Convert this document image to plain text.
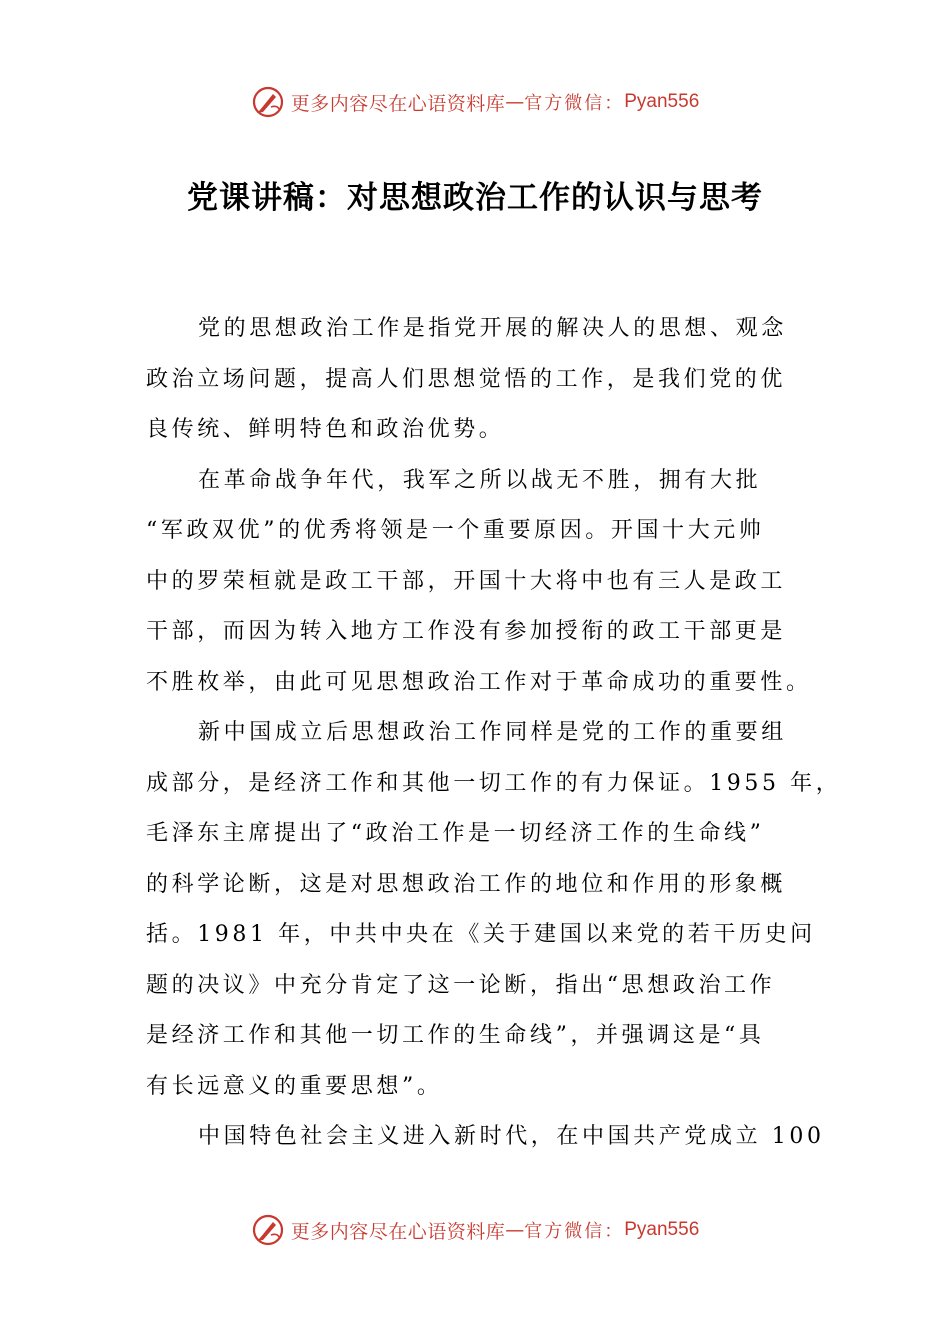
更多内容尽在心语资料库 — 官方微信： Pyan556
党课讲稿：对思想政治工作的认识与思考

党的思想政治工作是指党开展的解决人的思想、观念
政治立场问题，提高人们思想觉悟的工作，是我们党的优
良传统、鲜明特色和政治优势。

在革命战争年代，我军之所以战无不胜，拥有大批
“军政双优”的优秀将领是一个重要原因。开国十大元帅
中的罗荣桓就是政工干部，开国十大将中也有三人是政工
干部，而因为转入地方工作没有参加授衔的政工干部更是
不胜枚举，由此可见思想政治工作对于革命成功的重要性。

新中国成立后思想政治工作同样是党的工作的重要组
成部分，是经济工作和其他一切工作的有力保证。1955 年，
毛泽东主席提出了“政治工作是一切经济工作的生命线”
的科学论断，这是对思想政治工作的地位和作用的形象概
括。1981 年，中共中央在《关于建国以来党的若干历史问
题的决议》中充分肯定了这一论断，指出“思想政治工作
是经济工作和其他一切工作的生命线”，并强调这是“具
有长远意义的重要思想”。

中国特色社会主义进入新时代，在中国共产党成立 100

更多内容尽在心语资料库 — 官方微信： Pyan556
